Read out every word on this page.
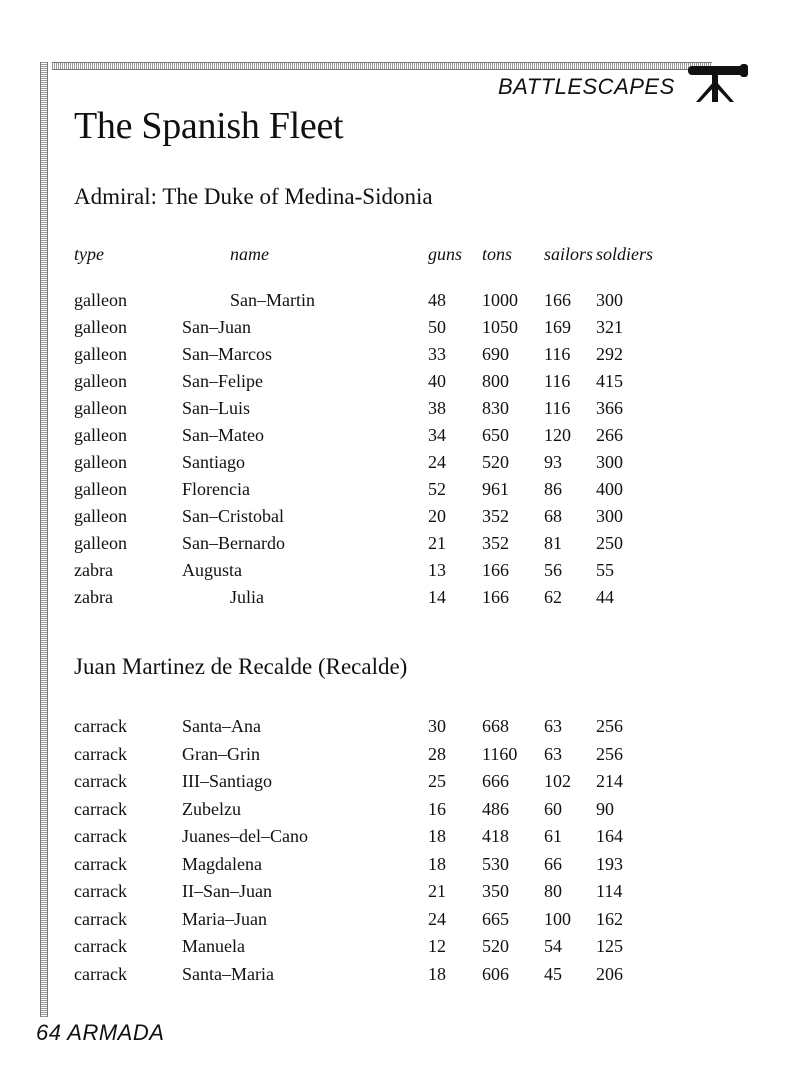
BATTLESCAPES
The Spanish Fleet
Admiral: The Duke of Medina-Sidonia
type	name	guns tons sailors soldiers
galleon	San–Martin	48 1000 166 300
galleon	San–Juan	50 1050 169 321
galleon	San–Marcos	33 690 116 292
galleon	San–Felipe	40 800 116 415
galleon	San–Luis	38 830 116 366
galleon	San–Mateo	34 650 120 266
galleon	Santiago	24 520 93 300
galleon	Florencia	52 961 86 400
galleon	San–Cristobal	20 352 68 300
galleon	San–Bernardo	21 352 81 250
zabra	Augusta	13 166 56 55
zabra	Julia	14 166 62 44
Juan Martinez de Recalde (Recalde)
carrack	Santa–Ana	30 668 63 256
carrack	Gran–Grin	28 1160 63 256
carrack	III–Santiago	25 666 102 214
carrack	Zubelzu	16 486 60 90
carrack	Juanes–del–Cano	18 418 61 164
carrack	Magdalena	18 530 66 193
carrack	II–San–Juan	21 350 80 114
carrack	Maria–Juan	24 665 100 162
carrack	Manuela	12 520 54 125
carrack	Santa–Maria	18 606 45 206
64 ARMADA
